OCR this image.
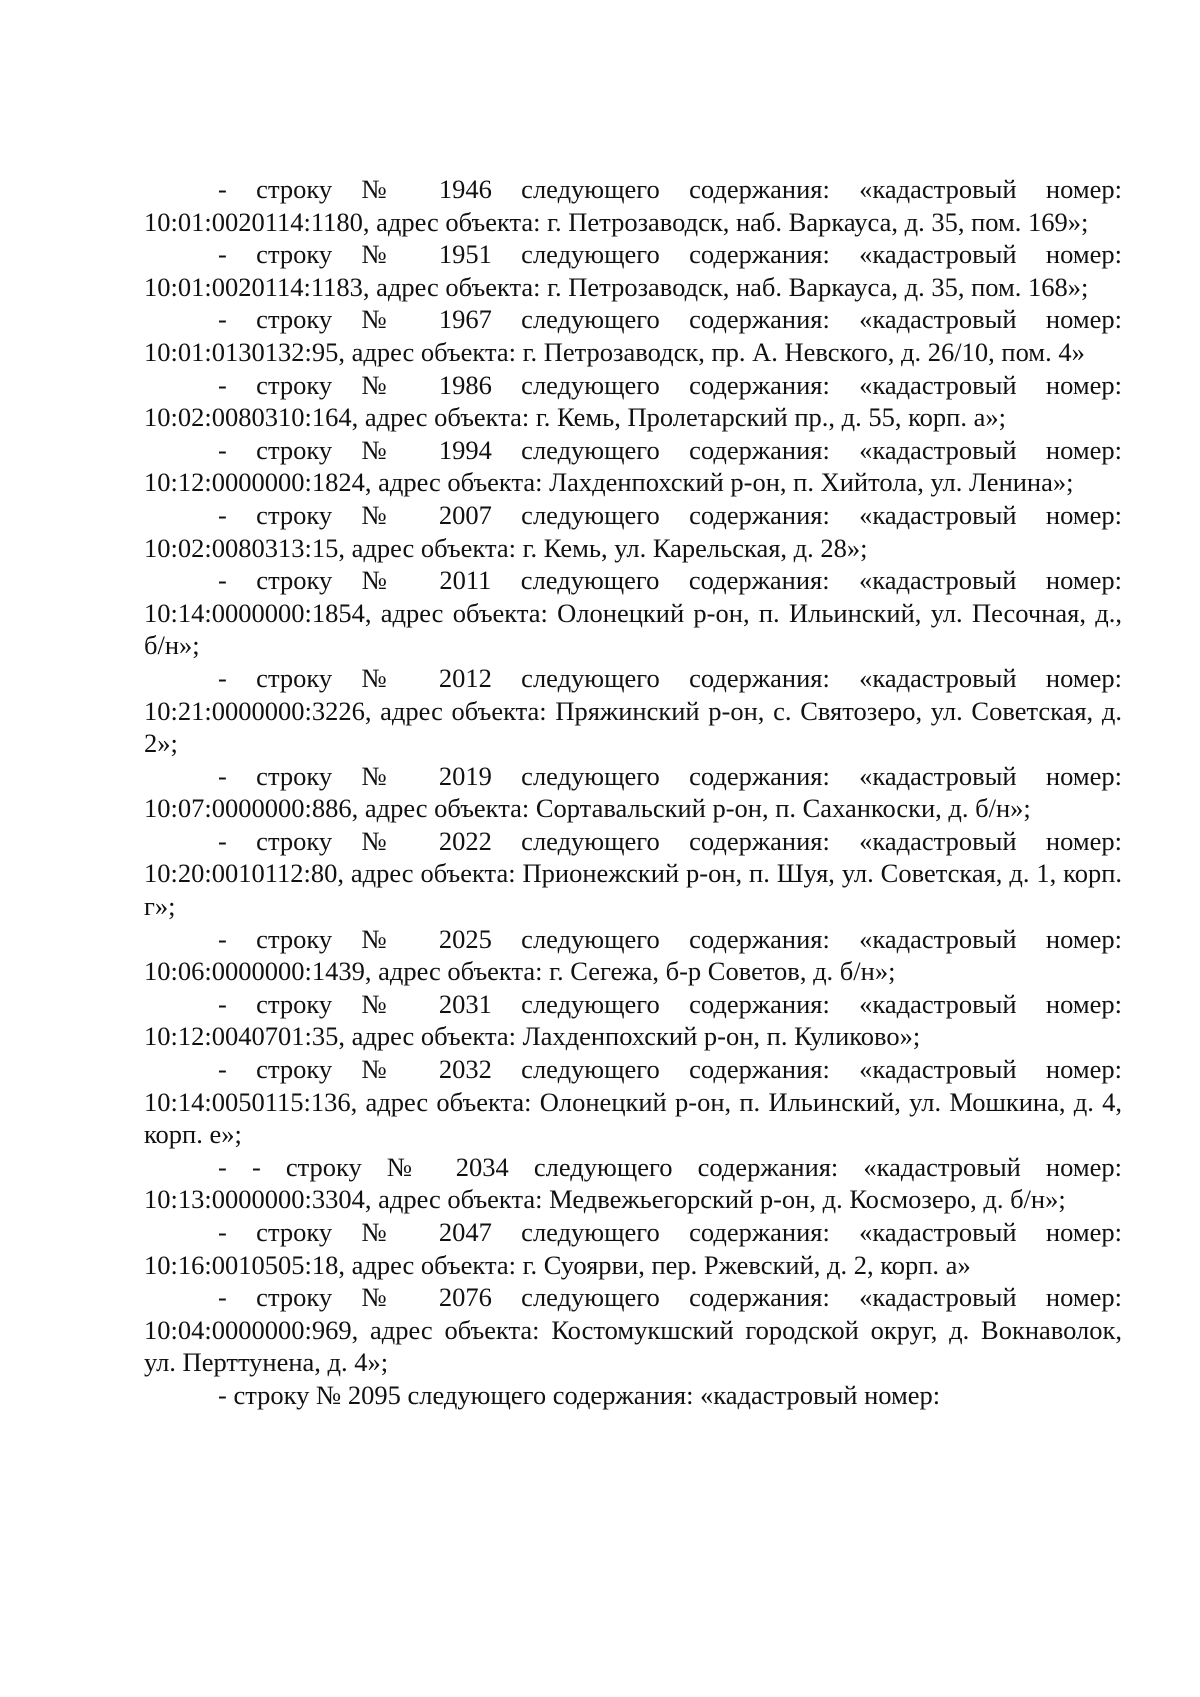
- строку № 1946 следующего содержания: «кадастровый номер: 10:01:0020114:1180, адрес объекта: г. Петрозаводск, наб. Варкауса, д. 35, пом. 169»;

- строку № 1951 следующего содержания: «кадастровый номер: 10:01:0020114:1183, адрес объекта: г. Петрозаводск, наб. Варкауса, д. 35, пом. 168»;

- строку № 1967 следующего содержания: «кадастровый номер: 10:01:0130132:95, адрес объекта: г. Петрозаводск, пр. А. Невского, д. 26/10, пом. 4»

- строку № 1986 следующего содержания: «кадастровый номер: 10:02:0080310:164, адрес объекта: г. Кемь, Пролетарский пр., д. 55, корп. а»;

- строку № 1994 следующего содержания: «кадастровый номер: 10:12:0000000:1824, адрес объекта: Лахденпохский р-он, п. Хийтола, ул. Ленина»;

- строку № 2007 следующего содержания: «кадастровый номер: 10:02:0080313:15, адрес объекта: г. Кемь, ул. Карельская, д. 28»;

- строку № 2011 следующего содержания: «кадастровый номер: 10:14:0000000:1854, адрес объекта: Олонецкий р-он, п. Ильинский, ул. Песочная, д., б/н»;

- строку № 2012 следующего содержания: «кадастровый номер: 10:21:0000000:3226, адрес объекта: Пряжинский р-он, с. Святозеро, ул. Советская, д. 2»;

- строку № 2019 следующего содержания: «кадастровый номер: 10:07:0000000:886, адрес объекта: Сортавальский р-он, п. Саханкоски, д. б/н»;

- строку № 2022 следующего содержания: «кадастровый номер: 10:20:0010112:80, адрес объекта: Прионежский р-он, п. Шуя, ул. Советская, д. 1, корп. г»;

- строку № 2025 следующего содержания: «кадастровый номер: 10:06:0000000:1439, адрес объекта: г. Сегежа, б-р Советов, д. б/н»;

- строку № 2031 следующего содержания: «кадастровый номер: 10:12:0040701:35, адрес объекта: Лахденпохский р-он, п. Куликово»;

- строку № 2032 следующего содержания: «кадастровый номер: 10:14:0050115:136, адрес объекта: Олонецкий р-он, п. Ильинский, ул. Мошкина, д. 4, корп. е»;

- - строку № 2034 следующего содержания: «кадастровый номер: 10:13:0000000:3304, адрес объекта: Медвежьегорский р-он, д. Космозеро, д. б/н»;

- строку № 2047 следующего содержания: «кадастровый номер: 10:16:0010505:18, адрес объекта: г. Суоярви, пер. Ржевский, д. 2, корп. а»

- строку № 2076 следующего содержания: «кадастровый номер: 10:04:0000000:969, адрес объекта: Костомукшский городской округ, д. Вокнаволок, ул. Перттунена, д. 4»;

- строку № 2095 следующего содержания: «кадастровый номер:
